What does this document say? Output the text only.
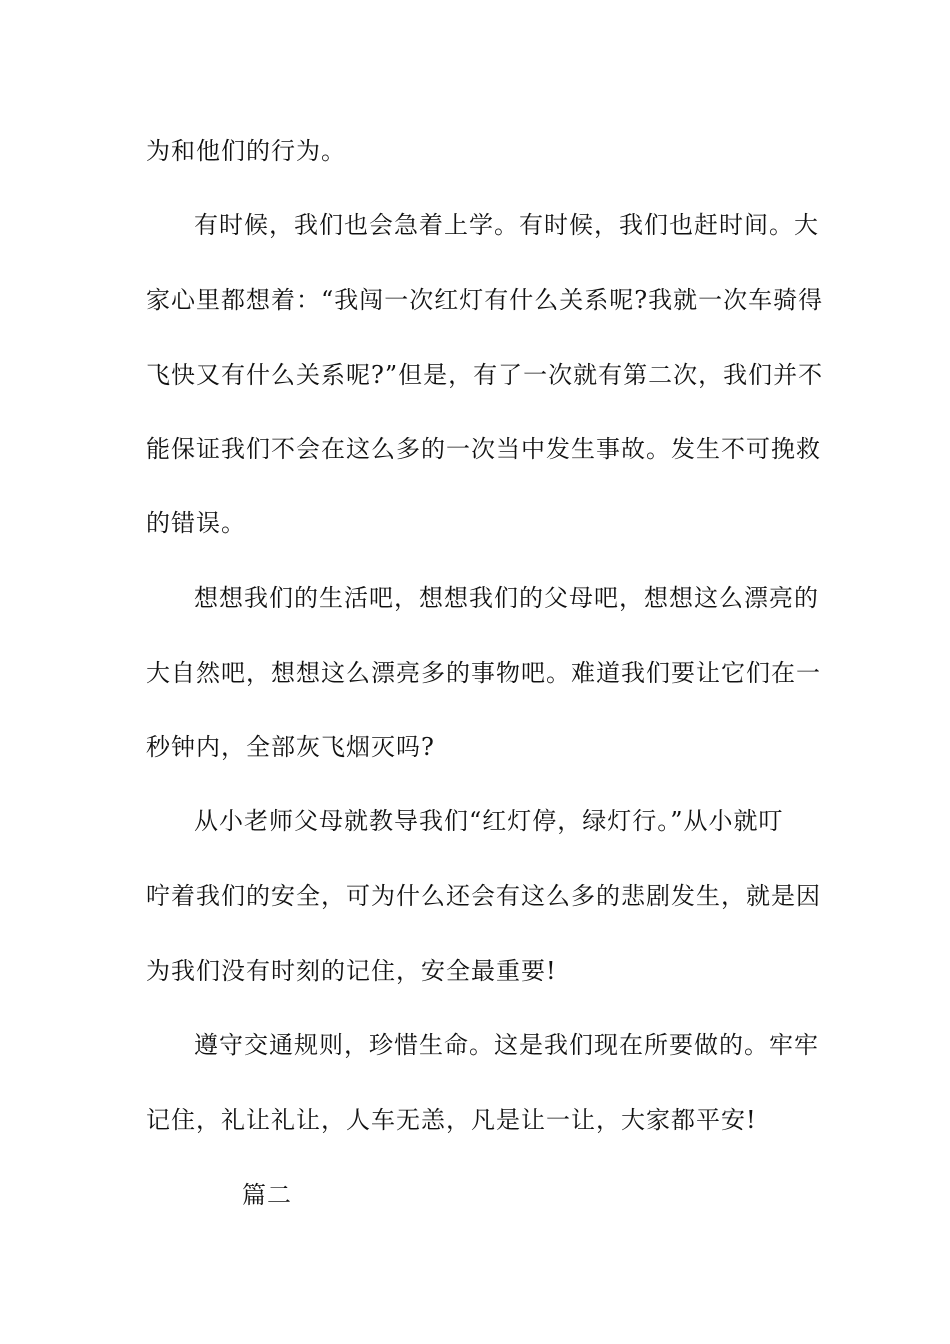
为和他们的行为。
有时候，我们也会急着上学。有时候，我们也赶时间。大
家心里都想着：“我闯一次红灯有什么关系呢?我就一次车骑得
飞快又有什么关系呢?”但是，有了一次就有第二次，我们并不
能保证我们不会在这么多的一次当中发生事故。发生不可挽救
的错误。
想想我们的生活吧，想想我们的父母吧，想想这么漂亮的
大自然吧，想想这么漂亮多的事物吧。难道我们要让它们在一
秒钟内，全部灰飞烟灭吗?
从小老师父母就教导我们“红灯停，绿灯行。”从小就叮
咛着我们的安全，可为什么还会有这么多的悲剧发生，就是因
为我们没有时刻的记住，安全最重要!
遵守交通规则，珍惜生命。这是我们现在所要做的。牢牢
记住，礼让礼让，人车无恙，凡是让一让，大家都平安!
篇二
